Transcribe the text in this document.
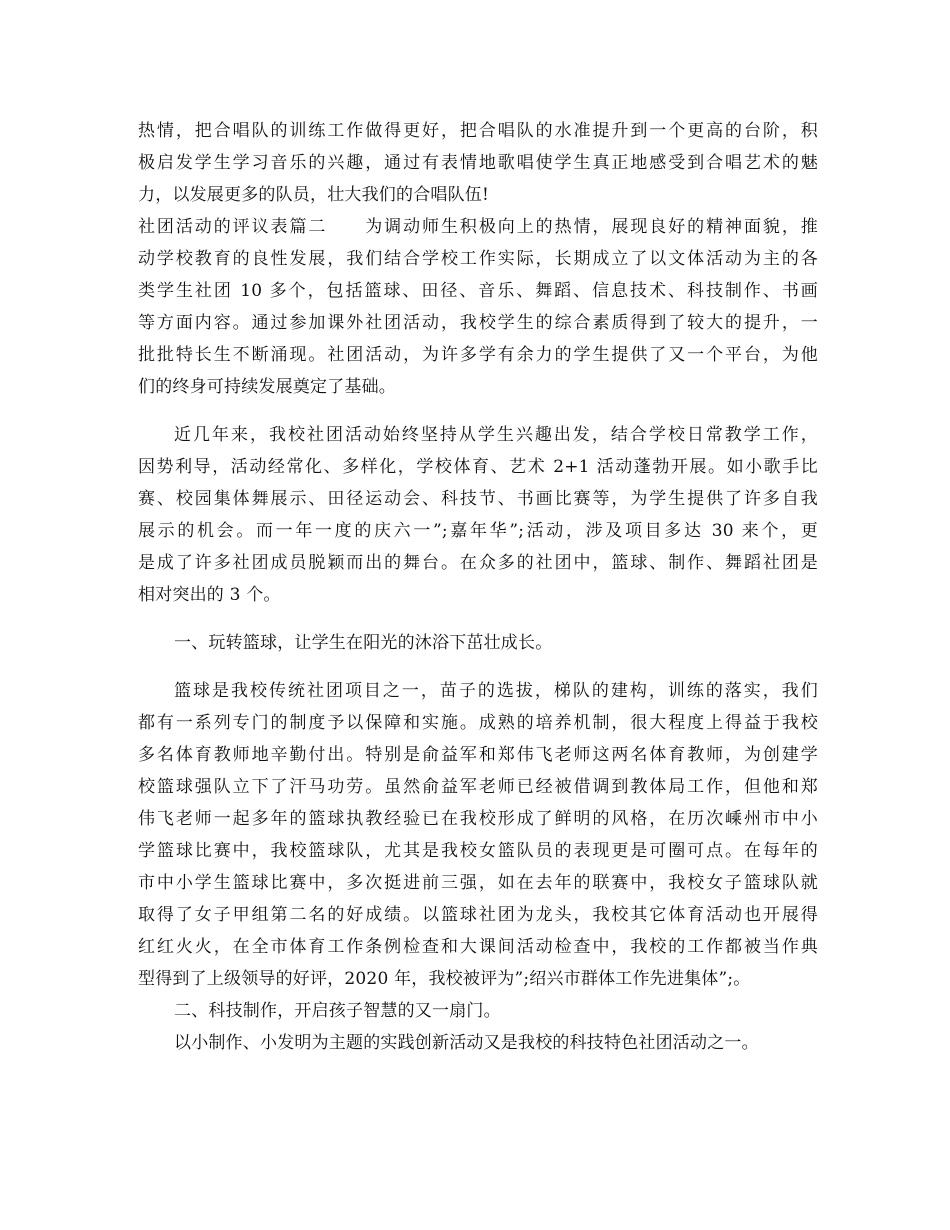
热情，把合唱队的训练工作做得更好，把合唱队的水准提升到一个更高的台阶，积
极启发学生学习音乐的兴趣，通过有表情地歌唱使学生真正地感受到合唱艺术的魅
力，以发展更多的队员，壮大我们的合唱队伍!
社团活动的评议表篇二　　为调动师生积极向上的热情，展现良好的精神面貌，推
动学校教育的良性发展，我们结合学校工作实际，长期成立了以文体活动为主的各
类学生社团 10 多个，包括篮球、田径、音乐、舞蹈、信息技术、科技制作、书画
等方面内容。通过参加课外社团活动，我校学生的综合素质得到了较大的提升，一
批批特长生不断涌现。社团活动，为许多学有余力的学生提供了又一个平台，为他
们的终身可持续发展奠定了基础。
近几年来，我校社团活动始终坚持从学生兴趣出发，结合学校日常教学工作，
因势利导，活动经常化、多样化，学校体育、艺术 2+1 活动蓬勃开展。如小歌手比
赛、校园集体舞展示、田径运动会、科技节、书画比赛等，为学生提供了许多自我
展示的机会。而一年一度的庆六一”;嘉年华”;活动，涉及项目多达 30 来个，更
是成了许多社团成员脱颖而出的舞台。在众多的社团中，篮球、制作、舞蹈社团是
相对突出的 3 个。
一、玩转篮球，让学生在阳光的沐浴下茁壮成长。
篮球是我校传统社团项目之一，苗子的选拔，梯队的建构，训练的落实，我们
都有一系列专门的制度予以保障和实施。成熟的培养机制，很大程度上得益于我校
多名体育教师地辛勤付出。特别是俞益军和郑伟飞老师这两名体育教师，为创建学
校篮球强队立下了汗马功劳。虽然俞益军老师已经被借调到教体局工作，但他和郑
伟飞老师一起多年的篮球执教经验已在我校形成了鲜明的风格，在历次嵊州市中小
学篮球比赛中，我校篮球队，尤其是我校女篮队员的表现更是可圈可点。在每年的
市中小学生篮球比赛中，多次挺进前三强，如在去年的联赛中，我校女子篮球队就
取得了女子甲组第二名的好成绩。以篮球社团为龙头，我校其它体育活动也开展得
红红火火，在全市体育工作条例检查和大课间活动检查中，我校的工作都被当作典
型得到了上级领导的好评，2020 年，我校被评为”;绍兴市群体工作先进集体”;。
二、科技制作，开启孩子智慧的又一扇门。
以小制作、小发明为主题的实践创新活动又是我校的科技特色社团活动之一。
